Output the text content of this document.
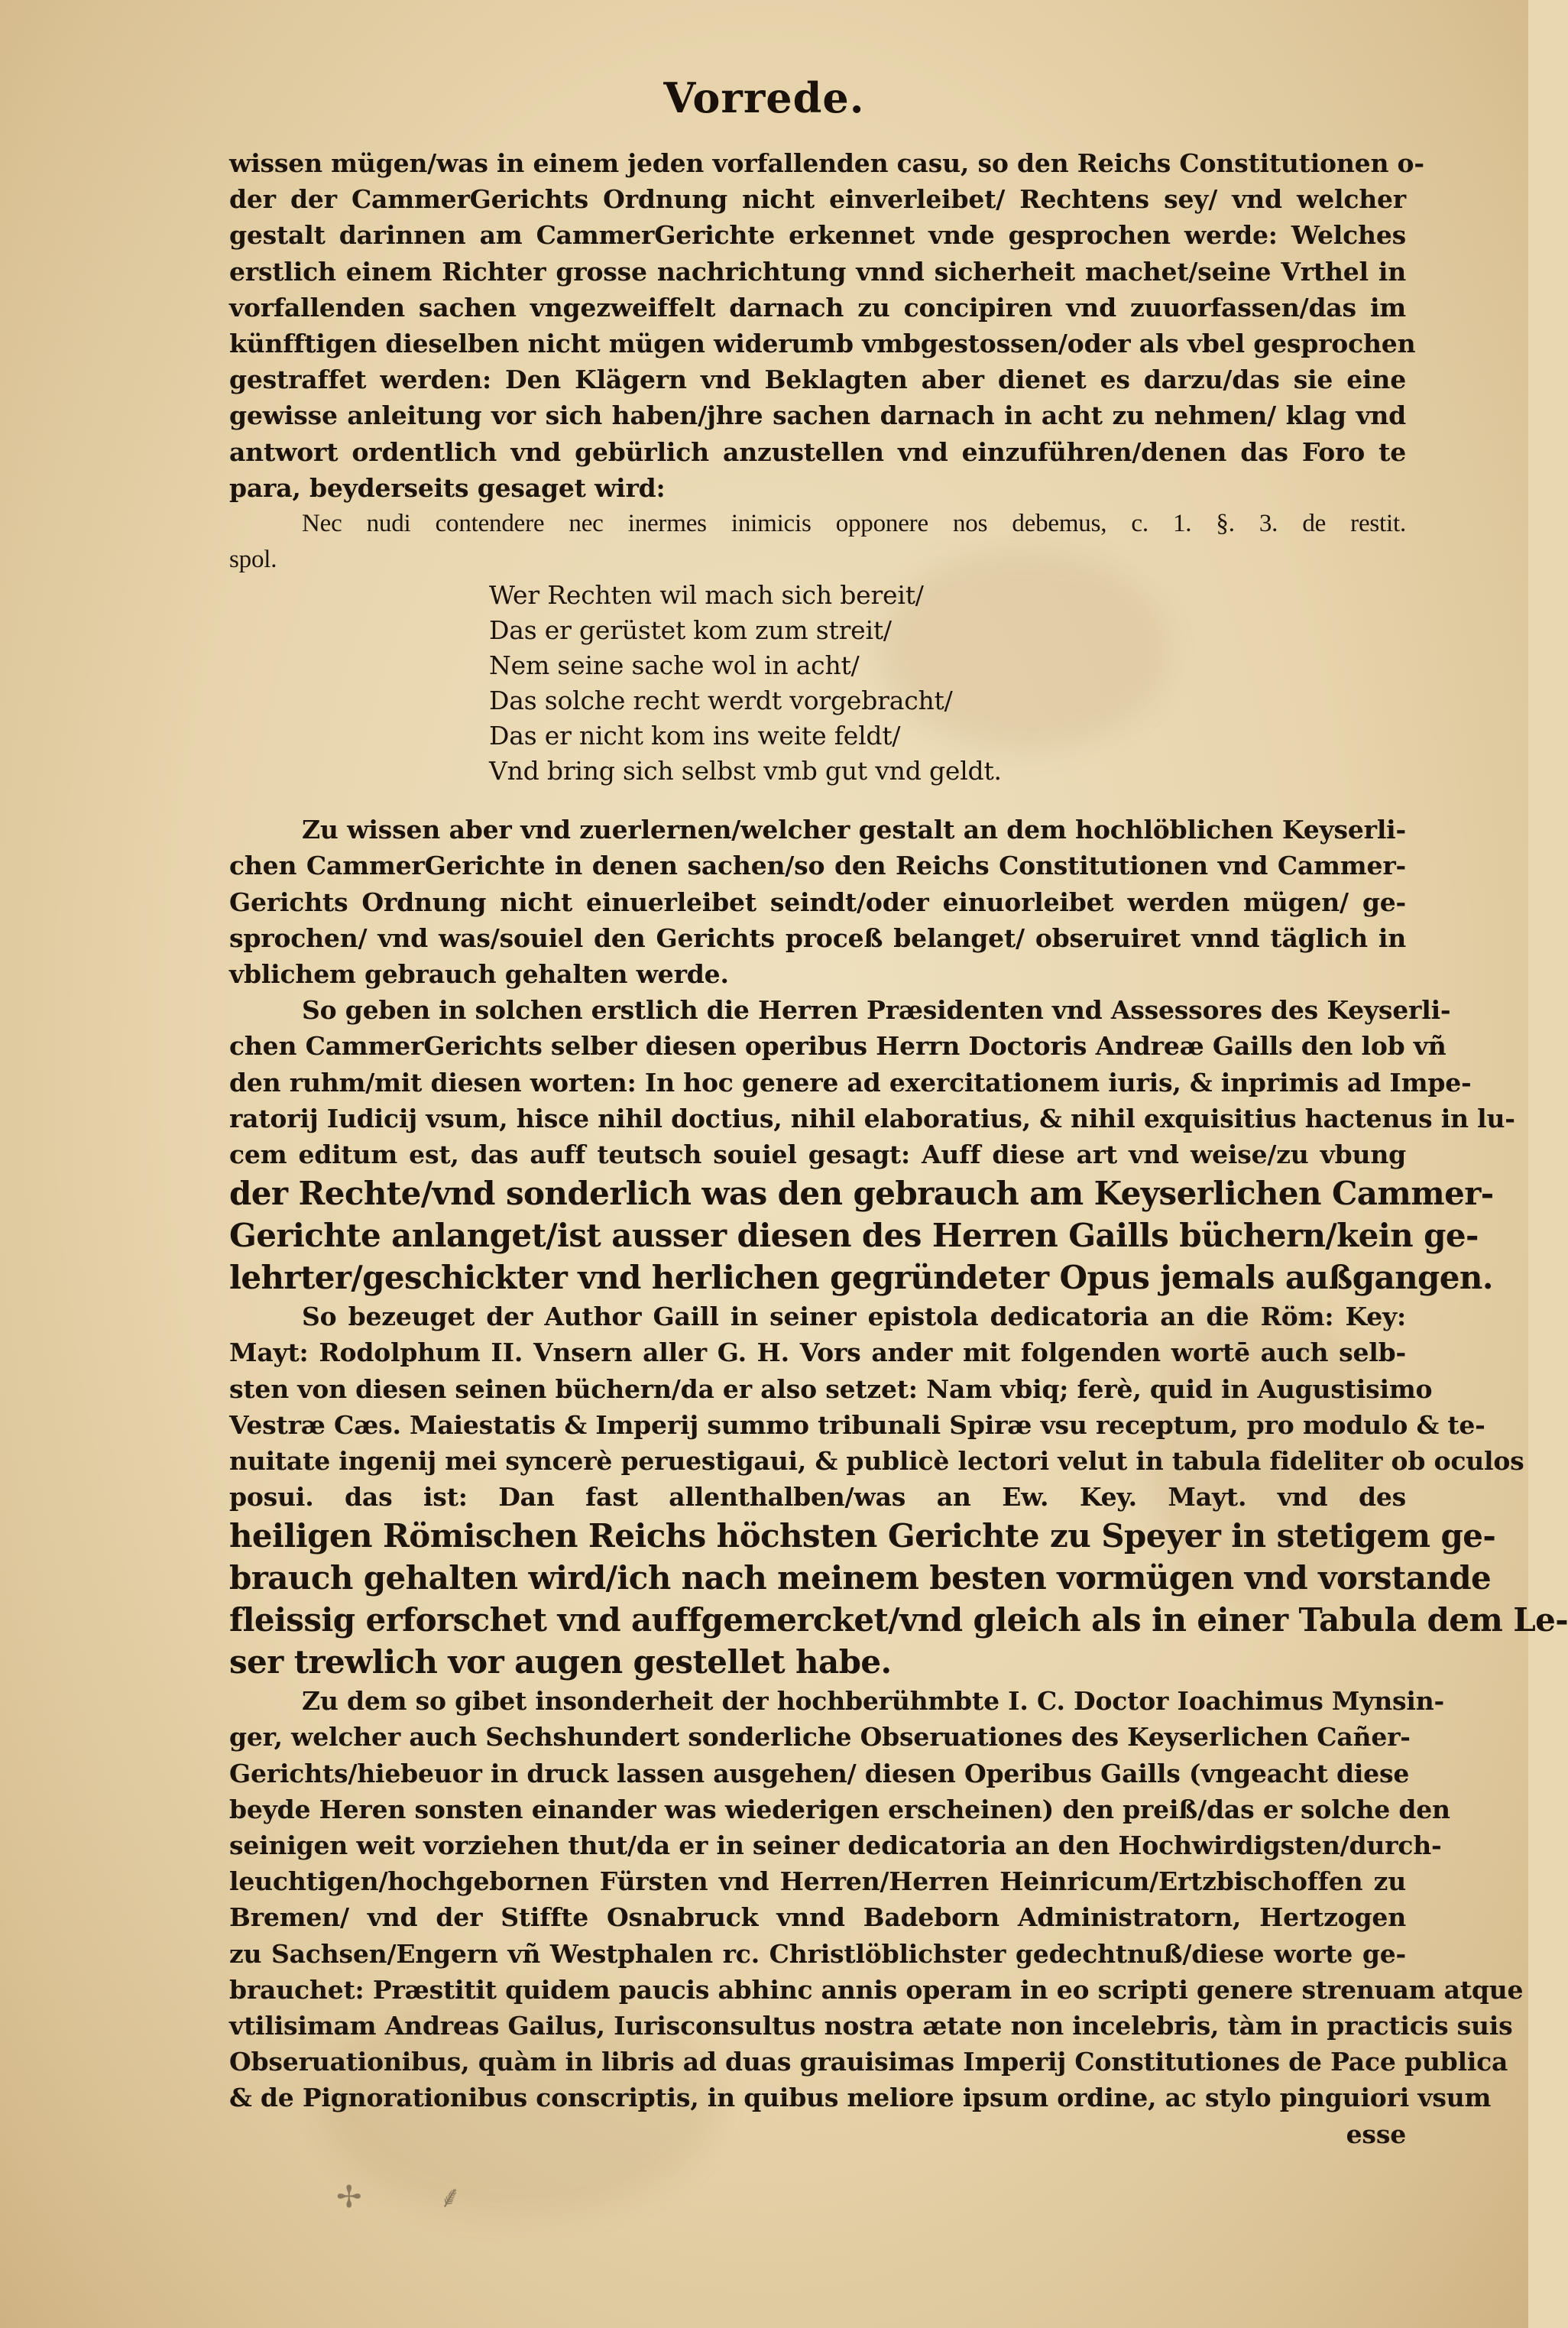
Vorrede.
wissen mügen/was in einem jeden vorfallenden casu, so den Reichs Constitutionen o-
der der CammerGerichts Ordnung nicht einverleibet/ Rechtens sey/ vnd welcher
gestalt darinnen am CammerGerichte erkennet vnde gesprochen werde: Welches
erstlich einem Richter grosse nachrichtung vnnd sicherheit machet/seine Vrthel in
vorfallenden sachen vngezweiffelt darnach zu concipiren vnd zuuorfassen/das im
künfftigen dieselben nicht mügen widerumb vmbgestossen/oder als vbel gesprochen
gestraffet werden: Den Klägern vnd Beklagten aber dienet es darzu/das sie eine
gewisse anleitung vor sich haben/jhre sachen darnach in acht zu nehmen/ klag vnd
antwort ordentlich vnd gebürlich anzustellen vnd einzuführen/denen das Foro te
para, beyderseits gesaget wird:
Nec nudi contendere nec inermes inimicis opponere nos debemus, c. 1. §. 3. de restit.
spol.
Wer Rechten wil mach sich bereit/
Das er gerüstet kom zum streit/
Nem seine sache wol in acht/
Das solche recht werdt vorgebracht/
Das er nicht kom ins weite feldt/
Vnd bring sich selbst vmb gut vnd geldt.
Zu wissen aber vnd zuerlernen/welcher gestalt an dem hochlöblichen Keyserli-
chen CammerGerichte in denen sachen/so den Reichs Constitutionen vnd Cammer-
Gerichts Ordnung nicht einuerleibet seindt/oder einuorleibet werden mügen/ ge-
sprochen/ vnd was/souiel den Gerichts proceß belanget/ obseruiret vnnd täglich in
vblichem gebrauch gehalten werde.
So geben in solchen erstlich die Herren Præsidenten vnd Assessores des Keyserli-
chen CammerGerichts selber diesen operibus Herrn Doctoris Andreæ Gaills den lob vñ
den ruhm/mit diesen worten: In hoc genere ad exercitationem iuris, & inprimis ad Impe-
ratorij Iudicij vsum, hisce nihil doctius, nihil elaboratius, & nihil exquisitius hactenus in lu-
cem editum est, das auff teutsch souiel gesagt: Auff diese art vnd weise/zu vbung
der Rechte/vnd sonderlich was den gebrauch am Keyserlichen Cammer-
Gerichte anlanget/ist ausser diesen des Herren Gaills büchern/kein ge-
lehrter/geschickter vnd herlichen gegründeter Opus jemals außgangen.
So bezeuget der Author Gaill in seiner epistola dedicatoria an die Röm: Key:
Mayt: Rodolphum II. Vnsern aller G. H. Vors ander mit folgenden wortē auch selb-
sten von diesen seinen büchern/da er also setzet: Nam vbiq; ferè, quid in Augustisimo
Vestræ Cæs. Maiestatis & Imperij summo tribunali Spiræ vsu receptum, pro modulo & te-
nuitate ingenij mei syncerè peruestigaui, & publicè lectori velut in tabula fideliter ob oculos
posui. das ist: Dan fast allenthalben/was an Ew. Key. Mayt. vnd des
heiligen Römischen Reichs höchsten Gerichte zu Speyer in stetigem ge-
brauch gehalten wird/ich nach meinem besten vormügen vnd vorstande
fleissig erforschet vnd auffgemercket/vnd gleich als in einer Tabula dem Le-
ser trewlich vor augen gestellet habe.
Zu dem so gibet insonderheit der hochberühmbte I. C. Doctor Ioachimus Mynsin-
ger, welcher auch Sechshundert sonderliche Obseruationes des Keyserlichen Cañer-
Gerichts/hiebeuor in druck lassen ausgehen/ diesen Operibus Gaills (vngeacht diese
beyde Heren sonsten einander was wiederigen erscheinen) den preiß/das er solche den
seinigen weit vorziehen thut/da er in seiner dedicatoria an den Hochwirdigsten/durch-
leuchtigen/hochgebornen Fürsten vnd Herren/Herren Heinricum/Ertzbischoffen zu
Bremen/ vnd der Stiffte Osnabruck vnnd Badeborn Administratorn, Hertzogen
zu Sachsen/Engern vñ Westphalen rc. Christlöblichster gedechtnuß/diese worte ge-
brauchet: Præstitit quidem paucis abhinc annis operam in eo scripti genere strenuam atque
vtilisimam Andreas Gailus, Iurisconsultus nostra ætate non incelebris, tàm in practicis suis
Obseruationibus, quàm in libris ad duas grauisimas Imperij Constitutiones de Pace publica
& de Pignorationibus conscriptis, in quibus meliore ipsum ordine, ac stylo pinguiori vsum
esse
✢ ⸙
